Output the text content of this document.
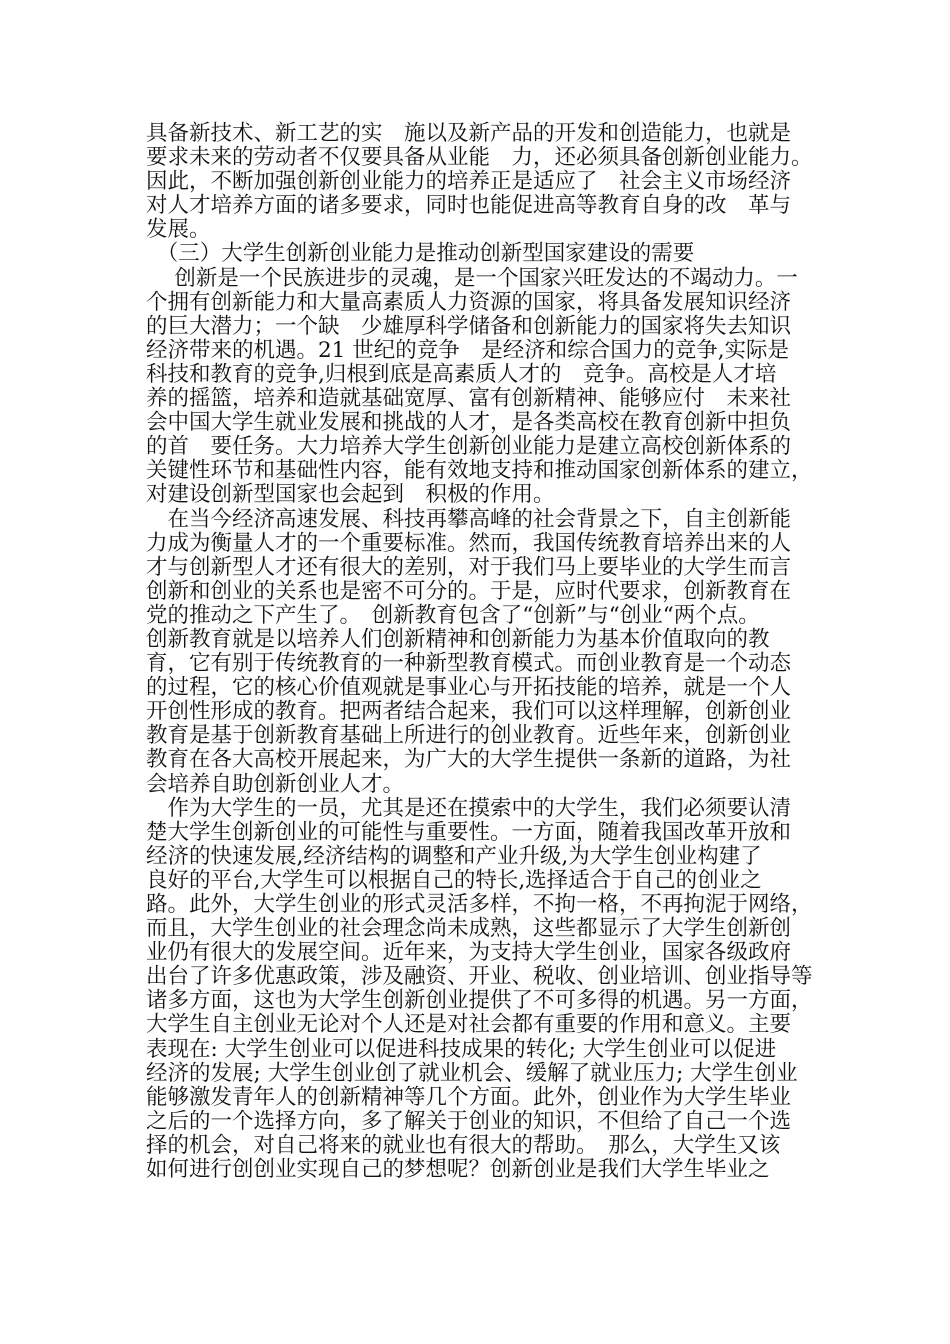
具备新技术、新工艺的实　施以及新产品的开发和创造能力，也就是
要求未来的劳动者不仅要具备从业能　力，还必须具备创新创业能力。
因此，不断加强创新创业能力的培养正是适应了　社会主义市场经济
对人才培养方面的诸多要求，同时也能促进高等教育自身的改　革与
发展。
　（三）大学生创新创业能力是推动创新型国家建设的需要
　 创新是一个民族进步的灵魂，是一个国家兴旺发达的不竭动力。一
个拥有创新能力和大量高素质人力资源的国家，将具备发展知识经济
的巨大潜力；一个缺　少雄厚科学储备和创新能力的国家将失去知识
经济带来的机遇。21 世纪的竞争　是经济和综合国力的竞争,实际是
科技和教育的竞争,归根到底是高素质人才的　竞争。高校是人才培
养的摇篮，培养和造就基础宽厚、富有创新精神、能够应付　未来社
会中国大学生就业发展和挑战的人才，是各类高校在教育创新中担负
的首　要任务。大力培养大学生创新创业能力是建立高校创新体系的
关键性环节和基础性内容，能有效地支持和推动国家创新体系的建立，
对建设创新型国家也会起到　积极的作用。
　在当今经济高速发展、科技再攀高峰的社会背景之下，自主创新能
力成为衡量人才的一个重要标准。然而，我国传统教育培养出来的人
才与创新型人才还有很大的差别，对于我们马上要毕业的大学生而言
创新和创业的关系也是密不可分的。于是，应时代要求，创新教育在
党的推动之下产生了。　创新教育包含了“创新”与“创业“两个点。
创新教育就是以培养人们创新精神和创新能力为基本价值取向的教
育，它有别于传统教育的一种新型教育模式。而创业教育是一个动态
的过程，它的核心价值观就是事业心与开拓技能的培养，就是一个人
开创性形成的教育。把两者结合起来，我们可以这样理解，创新创业
教育是基于创新教育基础上所进行的创业教育。近些年来，创新创业
教育在各大高校开展起来，为广大的大学生提供一条新的道路，为社
会培养自助创新创业人才。
　作为大学生的一员，尤其是还在摸索中的大学生，我们必须要认清
楚大学生创新创业的可能性与重要性。一方面，随着我国改革开放和
经济的快速发展,经济结构的调整和产业升级,为大学生创业构建了
良好的平台,大学生可以根据自己的特长,选择适合于自己的创业之
路。此外，大学生创业的形式灵活多样，不拘一格，不再拘泥于网络，
而且，大学生创业的社会理念尚未成熟，这些都显示了大学生创新创
业仍有很大的发展空间。近年来，为支持大学生创业，国家各级政府
出台了许多优惠政策，涉及融资、开业、税收、创业培训、创业指导等
诸多方面，这也为大学生创新创业提供了不可多得的机遇。另一方面，
大学生自主创业无论对个人还是对社会都有重要的作用和意义。主要
表现在: 大学生创业可以促进科技成果的转化; 大学生创业可以促进
经济的发展; 大学生创业创了就业机会、缓解了就业压力; 大学生创业
能够激发青年人的创新精神等几个方面。此外，创业作为大学生毕业
之后的一个选择方向，多了解关于创业的知识，不但给了自己一个选
择的机会，对自己将来的就业也有很大的帮助。　那么，大学生又该
如何进行创创业实现自己的梦想呢？创新创业是我们大学生毕业之
